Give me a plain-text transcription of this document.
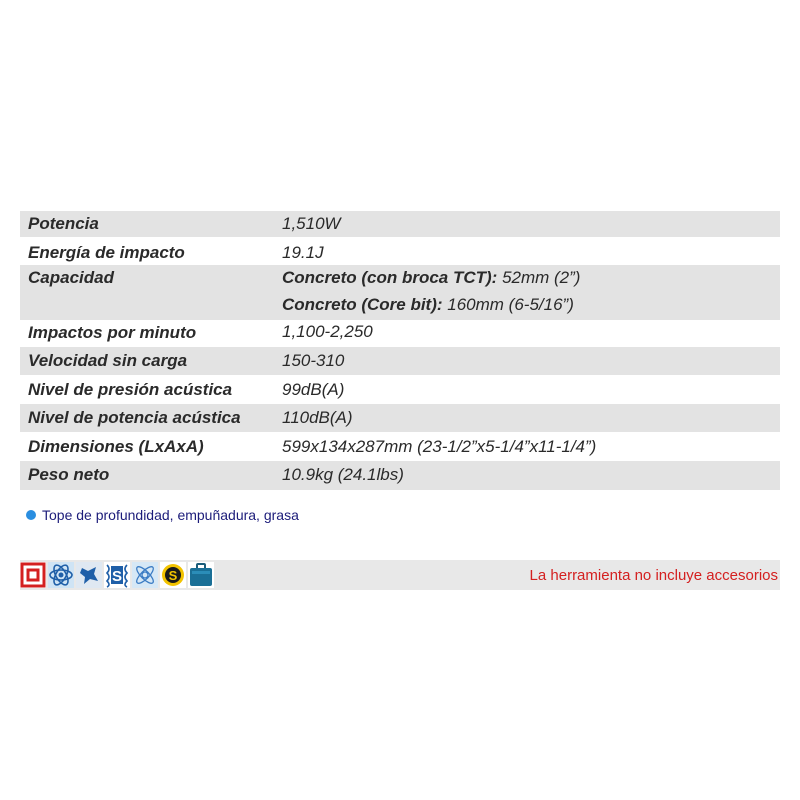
Potencia	1,510W
Energía de impacto	19.1J
Capacidad	Concreto (con broca TCT): 52mm (2”)
Concreto (Core bit): 160mm (6-5/16”)
Impactos por minuto	1,100-2,250
Velocidad sin carga	150-310
Nivel de presión acústica	99dB(A)
Nivel de potencia acústica 110dB(A)
Dimensiones (LxAxA)	599x134x287mm (23-1/2”x5-1/4”x11-1/4”)
Peso neto	10.9kg (24.1lbs)
Tope de profundidad, empuñadura, grasa
S	S	La herramienta no incluye accesorios
